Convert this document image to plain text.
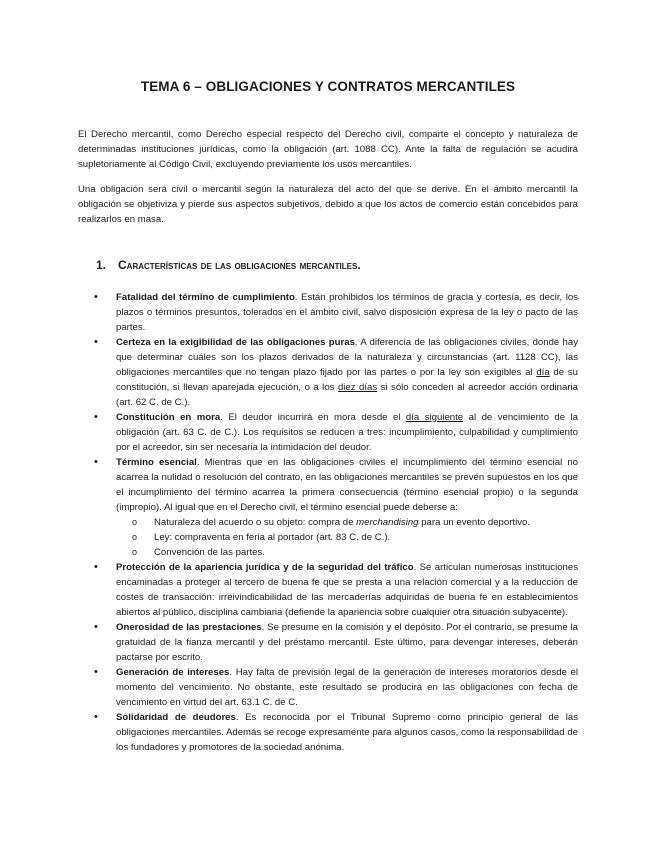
TEMA 6 – OBLIGACIONES Y CONTRATOS MERCANTILES
El Derecho mercantil, como Derecho especial respecto del Derecho civil, comparte el concepto y naturaleza de determinadas instituciones jurídicas, como la obligación (art. 1088 CC). Ante la falta de regulación se acudirá supletoriamente al Código Civil, excluyendo previamente los usos mercantiles.
Una obligación será civil o mercantil según la naturaleza del acto del que se derive. En el ámbito mercantil la obligación se objetiviza y pierde sus aspectos subjetivos, debido a que los actos de comercio están concebidos para realizarlos en masa.
1. Características de las obligaciones mercantiles.
• Fatalidad del término de cumplimiento. Están prohibidos los términos de gracia y cortesía, es decir, los plazos o términos presuntos, tolerados en el ámbito civil, salvo disposición expresa de la ley o pacto de las partes.
• Certeza en la exigibilidad de las obligaciones puras. A diferencia de las obligaciones civiles, donde hay que determinar cuáles son los plazos derivados de la naturaleza y circunstancias (art. 1128 CC), las obligaciones mercantiles que no tengan plazo fijado por las partes o por la ley son exigibles al día de su constitución, si llevan aparejada ejecución, o a los diez días si sólo conceden al acreedor acción ordinaria (art. 62 C. de C.).
• Constitución en mora. El deudor incurrirá en mora desde el día siguiente al de vencimiento de la obligación (art. 63 C. de C.). Los requisitos se reducen a tres: incumplimiento, culpabilidad y cumplimiento por el acreedor, sin ser necesaria la intimidación del deudor.
• Término esencial. Mientras que en las obligaciones civiles el incumplimiento del término esencial no acarrea la nulidad o resolución del contrato, en las obligaciones mercantiles se prevén supuestos en los que el incumplimiento del término acarrea la primera consecuencia (término esencial propio) o la segunda (impropio). Al igual que en el Derecho civil, el término esencial puede deberse a:
o Naturaleza del acuerdo o su objeto: compra de merchandising para un evento deportivo.
o Ley: compraventa en feria al portador (art. 83 C. de C.).
o Convención de las partes.
• Protección de la apariencia jurídica y de la seguridad del tráfico. Se articulan numerosas instituciones encaminadas a proteger al tercero de buena fe que se presta a una relación comercial y a la reducción de costes de transacción: irreivindicabilidad de las mercaderías adquiridas de buena fe en establecimientos abiertos al público, disciplina cambiaria (defiende la apariencia sobre cualquier otra situación subyacente).
• Onerosidad de las prestaciones. Se presume en la comisión y el depósito. Por el contrario, se presume la gratuidad de la fianza mercantil y del préstamo mercantil. Este último, para devengar intereses, deberán pactarse por escrito.
• Generación de intereses. Hay falta de previsión legal de la generación de intereses moratorios desde el momento del vencimiento. No obstante, este resultado se producirá en las obligaciones con fecha de vencimiento en virtud del art. 63.1 C. de C.
• Solidaridad de deudores. Es reconocida por el Tribunal Supremo como principio general de las obligaciones mercantiles. Además se recoge expresamente para algunos casos, como la responsabilidad de los fundadores y promotores de la sociedad anónima.
